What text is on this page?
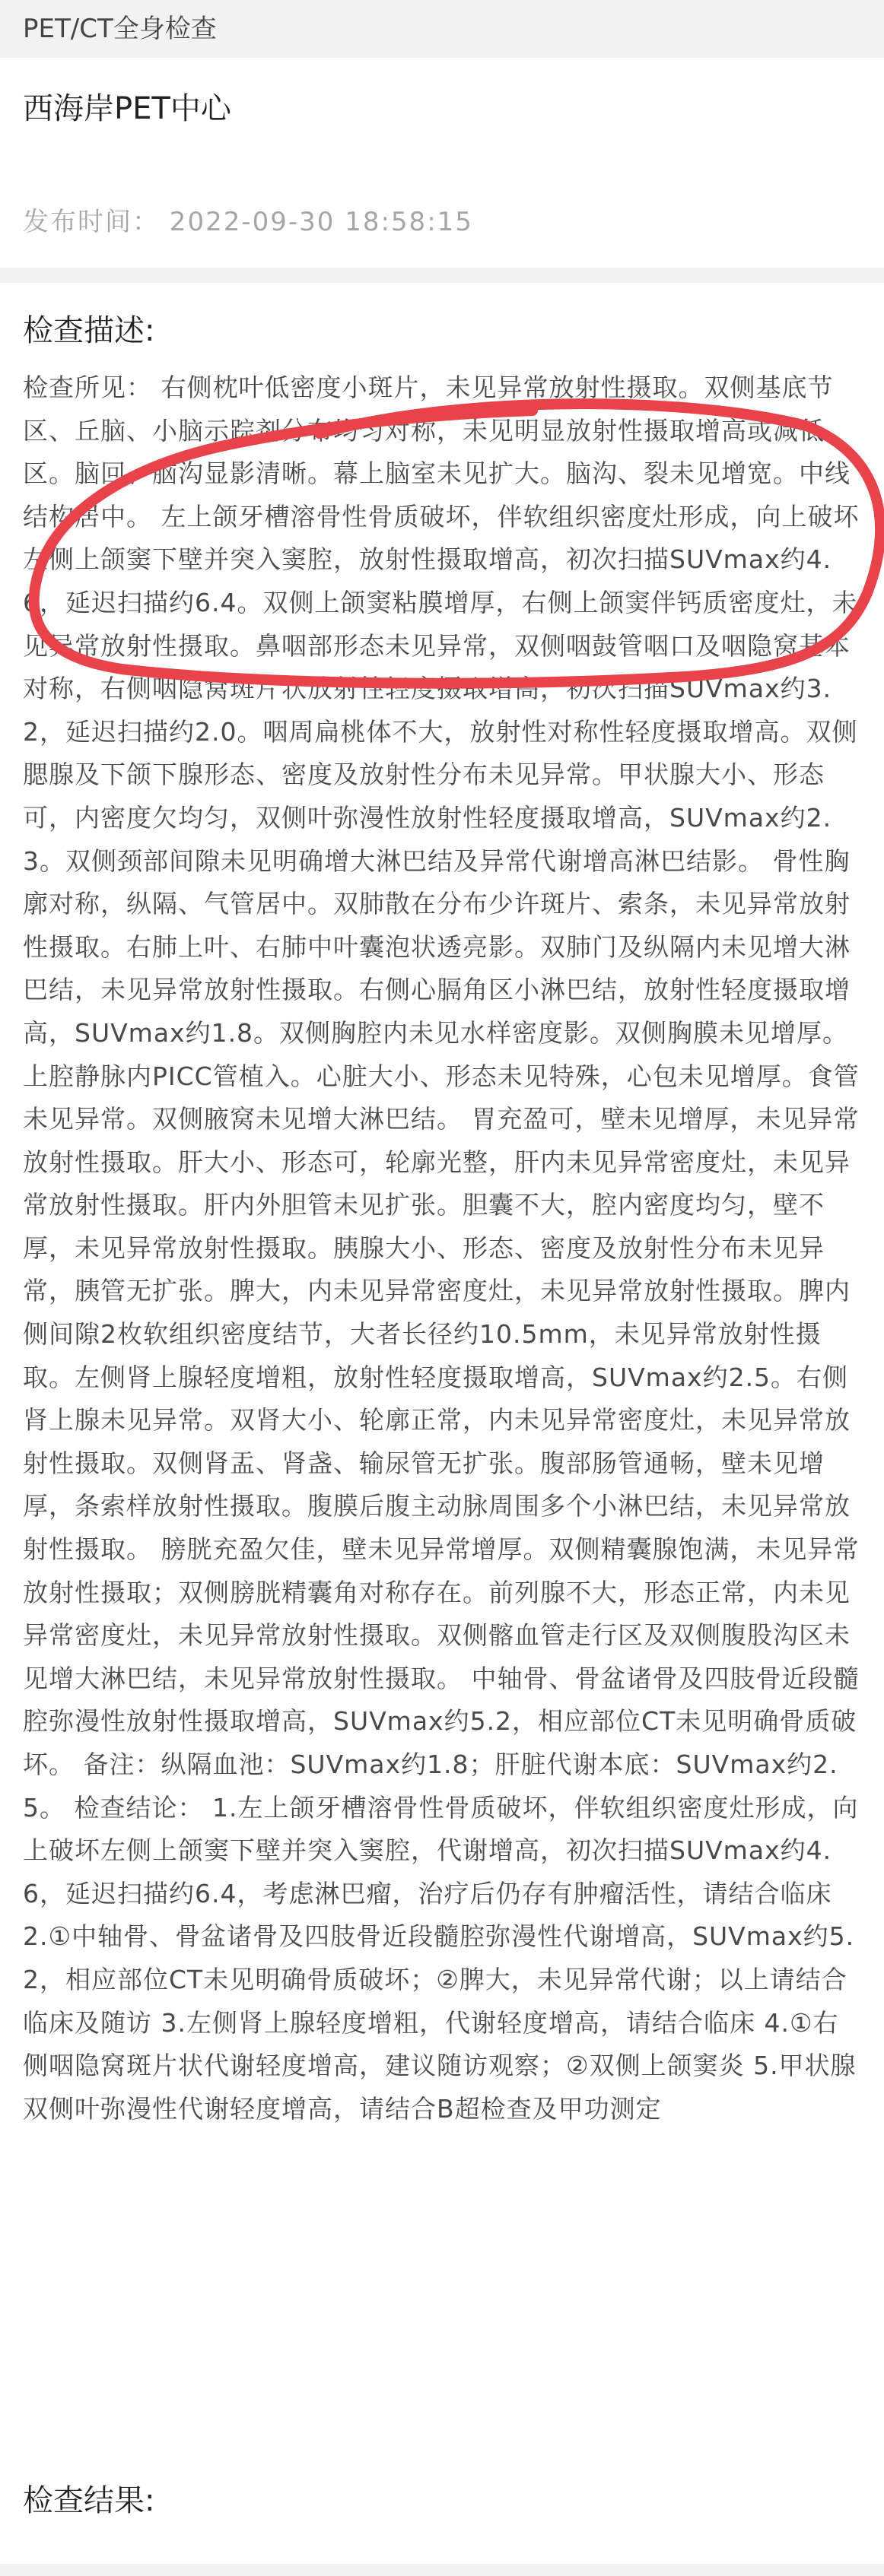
PET/CT全身检查
西海岸PET中心
发布时间： 2022-09-30 18:58:15
检查描述:

检查所见： 右侧枕叶低密度小斑片，未见异常放射性摄取。双侧基底节区、丘脑、小脑示踪剂分布均匀对称，未见明显放射性摄取增高或减低区。脑回、脑沟显影清晰。幕上脑室未见扩大。脑沟、裂未见增宽。中线结构居中。 左上颌牙槽溶骨性骨质破坏，伴软组织密度灶形成，向上破坏左侧上颌窦下壁并突入窦腔，放射性摄取增高，初次扫描SUVmax约4.6，延迟扫描约6.4。双侧上颌窦粘膜增厚，右侧上颌窦伴钙质密度灶，未见异常放射性摄取。鼻咽部形态未见异常，双侧咽鼓管咽口及咽隐窝基本对称，右侧咽隐窝斑片状放射性轻度摄取增高，初次扫描SUVmax约3.2，延迟扫描约2.0。咽周扁桃体不大，放射性对称性轻度摄取增高。双侧腮腺及下颌下腺形态、密度及放射性分布未见异常。甲状腺大小、形态可，内密度欠均匀，双侧叶弥漫性放射性轻度摄取增高，SUVmax约2.3。双侧颈部间隙未见明确增大淋巴结及异常代谢增高淋巴结影。 骨性胸廓对称，纵隔、气管居中。双肺散在分布少许斑片、索条，未见异常放射性摄取。右肺上叶、右肺中叶囊泡状透亮影。双肺门及纵隔内未见增大淋巴结，未见异常放射性摄取。右侧心膈角区小淋巴结，放射性轻度摄取增高，SUVmax约1.8。双侧胸腔内未见水样密度影。双侧胸膜未见增厚。上腔静脉内PICC管植入。心脏大小、形态未见特殊，心包未见增厚。食管未见异常。双侧腋窝未见增大淋巴结。 胃充盈可，壁未见增厚，未见异常放射性摄取。肝大小、形态可，轮廓光整，肝内未见异常密度灶，未见异常放射性摄取。肝内外胆管未见扩张。胆囊不大，腔内密度均匀，壁不厚，未见异常放射性摄取。胰腺大小、形态、密度及放射性分布未见异常，胰管无扩张。脾大，内未见异常密度灶，未见异常放射性摄取。脾内侧间隙2枚软组织密度结节，大者长径约10.5mm，未见异常放射性摄取。左侧肾上腺轻度增粗，放射性轻度摄取增高，SUVmax约2.5。右侧肾上腺未见异常。双肾大小、轮廓正常，内未见异常密度灶，未见异常放射性摄取。双侧肾盂、肾盏、输尿管无扩张。腹部肠管通畅，壁未见增厚，条索样放射性摄取。腹膜后腹主动脉周围多个小淋巴结，未见异常放射性摄取。 膀胱充盈欠佳，壁未见异常增厚。双侧精囊腺饱满，未见异常放射性摄取；双侧膀胱精囊角对称存在。前列腺不大，形态正常，内未见异常密度灶，未见异常放射性摄取。双侧髂血管走行区及双侧腹股沟区未见增大淋巴结，未见异常放射性摄取。 中轴骨、骨盆诸骨及四肢骨近段髓腔弥漫性放射性摄取增高，SUVmax约5.2，相应部位CT未见明确骨质破坏。 备注：纵隔血池：SUVmax约1.8；肝脏代谢本底：SUVmax约2.5。 检查结论： 1.左上颌牙槽溶骨性骨质破坏，伴软组织密度灶形成，向上破坏左侧上颌窦下壁并突入窦腔，代谢增高，初次扫描SUVmax约4.6，延迟扫描约6.4，考虑淋巴瘤，治疗后仍存有肿瘤活性，请结合临床 2.①中轴骨、骨盆诸骨及四肢骨近段髓腔弥漫性代谢增高，SUVmax约5.2，相应部位CT未见明确骨质破坏；②脾大，未见异常代谢；以上请结合临床及随访 3.左侧肾上腺轻度增粗，代谢轻度增高，请结合临床 4.①右侧咽隐窝斑片状代谢轻度增高，建议随访观察；②双侧上颌窦炎 5.甲状腺双侧叶弥漫性代谢轻度增高，请结合B超检查及甲功测定

检查结果:
